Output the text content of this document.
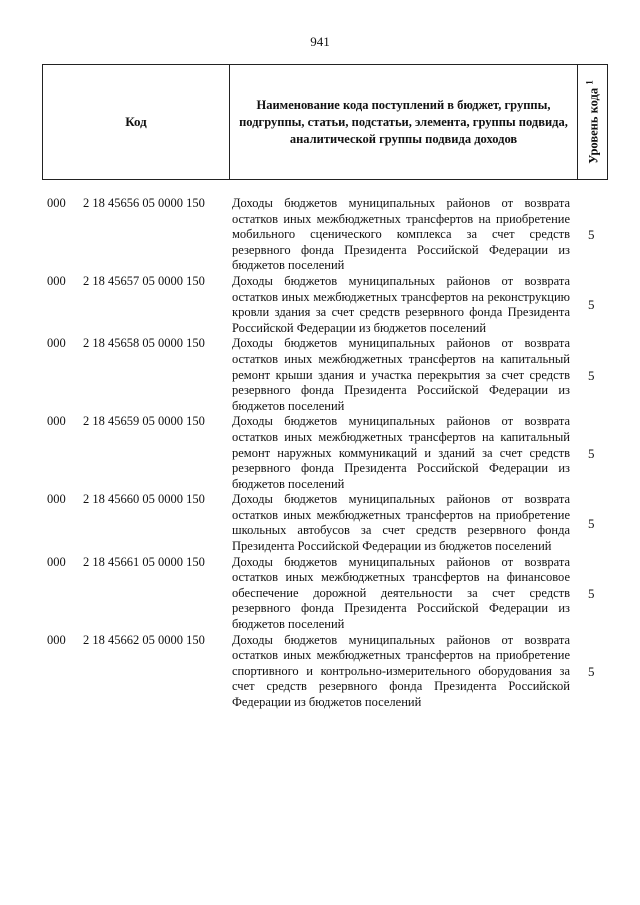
941
Код
Наименование кода поступлений в бюджет, группы, подгруппы, статьи, подстатьи, элемента, группы подвида, аналитической группы подвида доходов	Уровень кода $^1$
000 2 18 45656 05 0000 150 Доходы бюджетов муниципальных районов от возврата остатков иных межбюджетных трансфертов на приобретение мобильного сценического комплекса за счет средств резервного фонда Президента Российской Федерации из бюджетов поселений
5
000 2 18 45657 05 0000 150 Доходы бюджетов муниципальных районов от возврата остатков иных межбюджетных трансфертов на реконструкцию кровли здания за счет средств резервного фонда Президента Российской Федерации из бюджетов поселений
5
000 2 18 45658 05 0000 150 Доходы бюджетов муниципальных районов от возврата остатков иных межбюджетных трансфертов на капитальный ремонт крыши здания и участка перекрытия за счет средств резервного фонда Президента Российской Федерации из бюджетов поселений
5
000 2 18 45659 05 0000 150 Доходы бюджетов муниципальных районов от возврата остатков иных межбюджетных трансфертов на капитальный ремонт наружных коммуникаций и зданий за счет средств резервного фонда Президента Российской Федерации из бюджетов поселений
5
000 2 18 45660 05 0000 150 Доходы бюджетов муниципальных районов от возврата остатков иных межбюджетных трансфертов на приобретение школьных автобусов за счет средств резервного фонда Президента Российской Федерации из бюджетов поселений
5
000 2 18 45661 05 0000 150 Доходы бюджетов муниципальных районов от возврата остатков иных межбюджетных трансфертов на финансовое обеспечение дорожной деятельности за счет средств резервного фонда Президента Российской Федерации из бюджетов поселений
5
000 2 18 45662 05 0000 150 Доходы бюджетов муниципальных районов от возврата остатков иных межбюджетных трансфертов на приобретение спортивного и контрольно-измерительного оборудования за счет средств резервного фонда Президента Российской Федерации из бюджетов поселений
5
